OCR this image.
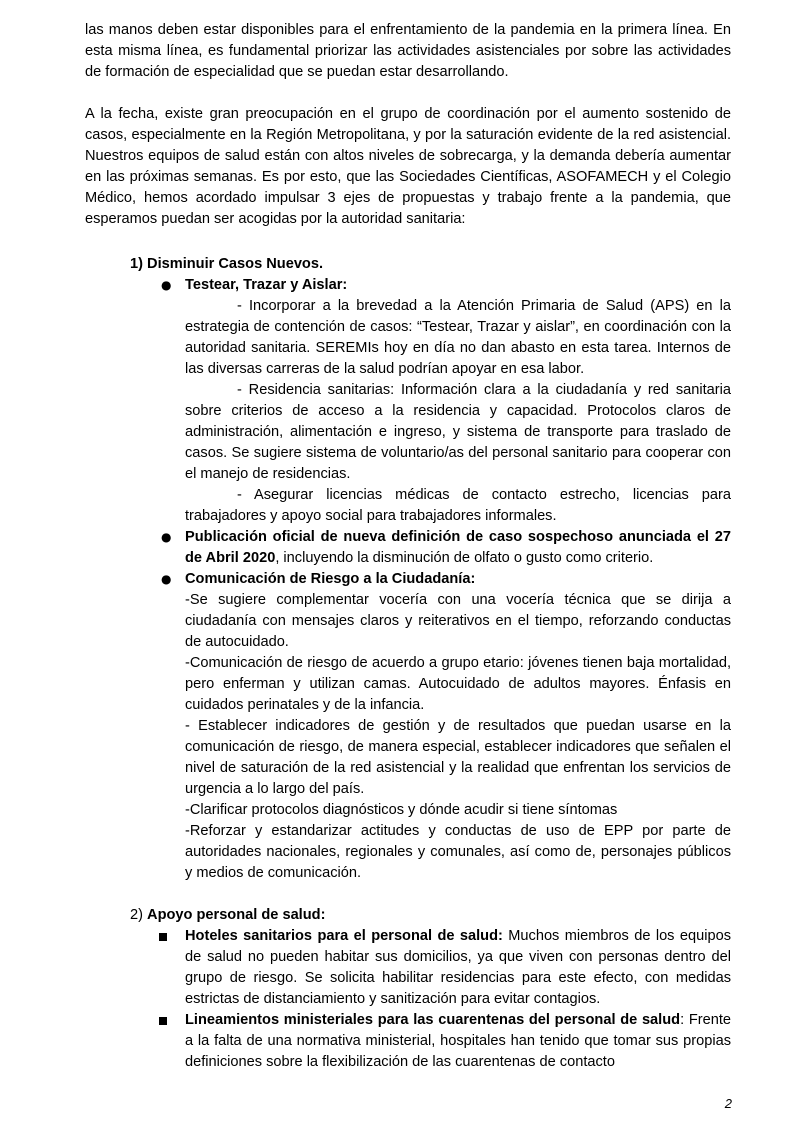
las manos deben estar disponibles para el enfrentamiento de la pandemia en la primera línea. En esta misma línea, es fundamental priorizar las actividades asistenciales por sobre las actividades de formación de especialidad que se puedan estar desarrollando.

A la fecha, existe gran preocupación en el grupo de coordinación por el aumento sostenido de casos, especialmente en la Región Metropolitana, y por la saturación evidente de la red asistencial. Nuestros equipos de salud están con altos niveles de sobrecarga, y la demanda debería aumentar en las próximas semanas. Es por esto, que las Sociedades Científicas, ASOFAMECH y el Colegio Médico, hemos acordado impulsar 3 ejes de propuestas y trabajo frente a la pandemia, que esperamos puedan ser acogidas por la autoridad sanitaria:

1) Disminuir Casos Nuevos.
● Testear, Trazar y Aislar:

- Incorporar a la brevedad a la Atención Primaria de Salud (APS) en la estrategia de contención de casos: “Testear, Trazar y aislar”, en coordinación con la autoridad sanitaria. SEREMIs hoy en día no dan abasto en esta tarea. Internos de las diversas carreras de la salud podrían apoyar en esa labor.

- Residencia sanitarias: Información clara a la ciudadanía y red sanitaria sobre criterios de acceso a la residencia y capacidad. Protocolos claros de administración, alimentación e ingreso, y sistema de transporte para traslado de casos. Se sugiere sistema de voluntario/as del personal sanitario para cooperar con el manejo de residencias.

- Asegurar licencias médicas de contacto estrecho, licencias para trabajadores y apoyo social para trabajadores informales.

● Publicación oficial de nueva definición de caso sospechoso anunciada el 27 de Abril 2020, incluyendo la disminución de olfato o gusto como criterio.

● Comunicación de Riesgo a la Ciudadanía:

-Se sugiere complementar vocería con una vocería técnica que se dirija a ciudadanía con mensajes claros y reiterativos en el tiempo, reforzando conductas de autocuidado.

-Comunicación de riesgo de acuerdo a grupo etario: jóvenes tienen baja mortalidad, pero enferman y utilizan camas. Autocuidado de adultos mayores. Énfasis en cuidados perinatales y de la infancia.

- Establecer indicadores de gestión y de resultados que puedan usarse en la comunicación de riesgo, de manera especial, establecer indicadores que señalen el nivel de saturación de la red asistencial y la realidad que enfrentan los servicios de urgencia a lo largo del país.

-Clarificar protocolos diagnósticos y dónde acudir si tiene síntomas

-Reforzar y estandarizar actitudes y conductas de uso de EPP por parte de autoridades nacionales, regionales y comunales, así como de, personajes públicos y medios de comunicación.

2) Apoyo personal de salud:

Hoteles sanitarios para el personal de salud: Muchos miembros de los equipos de salud no pueden habitar sus domicilios, ya que viven con personas dentro del grupo de riesgo. Se solicita habilitar residencias para este efecto, con medidas estrictas de distanciamiento y sanitización para evitar contagios.

Lineamientos ministeriales para las cuarentenas del personal de salud: Frente a la falta de una normativa ministerial, hospitales han tenido que tomar sus propias definiciones sobre la flexibilización de las cuarentenas de contacto

2
